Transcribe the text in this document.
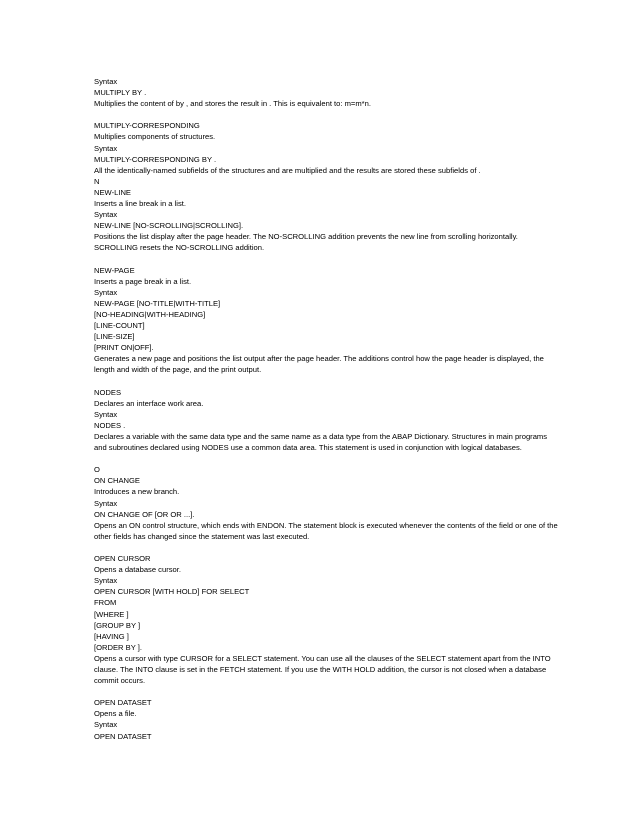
Syntax
MULTIPLY BY .
Multiplies the content of by , and stores the result in . This is equivalent to: m=m*n.
MULTIPLY-CORRESPONDING
Multiplies components of structures.
Syntax
MULTIPLY-CORRESPONDING BY .
All the identically-named subfields of the structures and are multiplied and the results are stored these subfields of .
N
NEW-LINE
Inserts a line break in a list.
Syntax
NEW-LINE [NO-SCROLLING|SCROLLING].
Positions the list display after the page header. The NO-SCROLLING addition prevents the new line from scrolling horizontally.
SCROLLING resets the NO-SCROLLING addition.
NEW-PAGE
Inserts a page break in a list.
Syntax
NEW-PAGE [NO-TITLE|WITH-TITLE]
[NO-HEADING|WITH-HEADING]
[LINE-COUNT]
[LINE-SIZE]
[PRINT ON|OFF].
Generates a new page and positions the list output after the page header. The additions control how the page header is displayed, the
length and width of the page, and the print output.
NODES
Declares an interface work area.
Syntax
NODES .
Declares a variable with the same data type and the same name as a data type from the ABAP Dictionary. Structures in main programs
and subroutines declared using NODES use a common data area. This statement is used in conjunction with logical databases.
O
ON CHANGE
Introduces a new branch.
Syntax
ON CHANGE OF [OR OR ...].
Opens an ON control structure, which ends with ENDON. The statement block is executed whenever the contents of the field or one of the
other fields has changed since the statement was last executed.
OPEN CURSOR
Opens a database cursor.
Syntax
OPEN CURSOR [WITH HOLD] FOR SELECT
FROM
[WHERE ]
[GROUP BY ]
[HAVING ]
[ORDER BY ].
Opens a cursor with type CURSOR for a SELECT statement. You can use all the clauses of the SELECT statement apart from the INTO
clause. The INTO clause is set in the FETCH statement. If you use the WITH HOLD addition, the cursor is not closed when a database
commit occurs.
OPEN DATASET
Opens a file.
Syntax
OPEN DATASET
